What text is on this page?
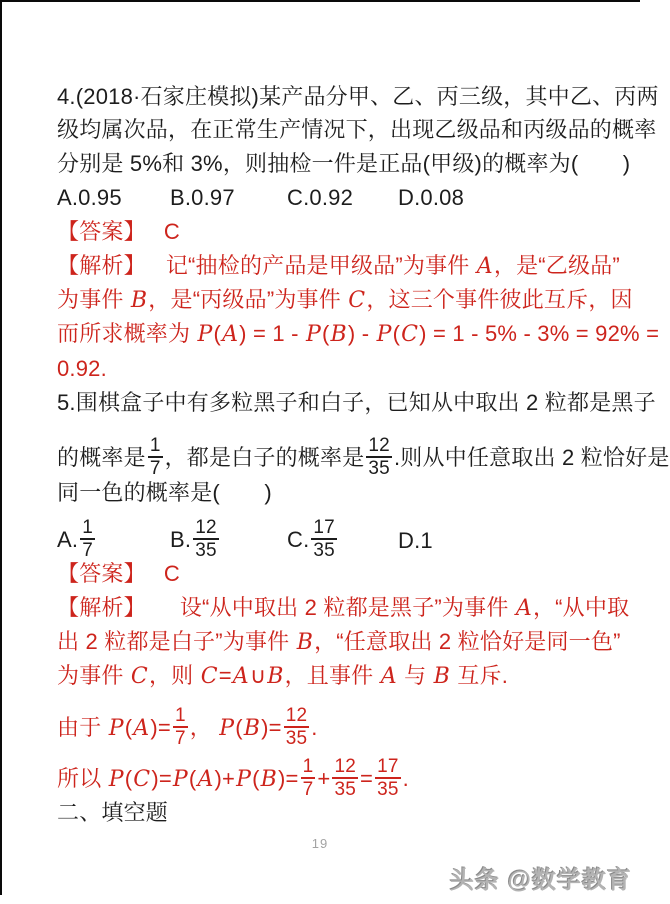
4.(2018·石家庄模拟)某产品分甲、乙、丙三级，其中乙、丙两
级均属次品，在正常生产情况下，出现乙级品和丙级品的概率
分别是 5%和 3%，则抽检一件是正品(甲级)的概率为(　　)
A.0.95	B.0.97	C.0.92	D.0.08
【答案】 C
【解析】 记“抽检的产品是甲级品”为事件 A，是“乙级品”
为事件 B，是“丙级品”为事件 C，这三个事件彼此互斥，因
而所求概率为 P(A) = 1 - P(B) - P(C) = 1 - 5% - 3% = 92% =
0.92.
5.围棋盒子中有多粒黑子和白子，已知从中取出 2 粒都是黑子
的概率是 $\frac{1}{7}$ ，都是白子的概率是 $\frac{12}{35}$ .则从中任意取出 2 粒恰好是
同一色的概率是(　　)
A. $\frac{1}{7}$	B. $\frac{12}{35}$	C. $\frac{17}{35}$	D.1
【答案】 C
【解析】 设“从中取出 2 粒都是黑子”为事件 A，“从中取
出 2 粒都是白子”为事件 B，“任意取出 2 粒恰好是同一色”
为事件 C，则 C=A∪B，且事件 A 与 B 互斥.
由于 $P(A)= \frac{1}{7}$ ， $P(B)= \frac{12}{35}$ .
所以 $P(C)=P(A)+P(B)= \frac{1}{7} + \frac{12}{35} = \frac{17}{35}$ .
二、填空题
19
头条 @数学教育
